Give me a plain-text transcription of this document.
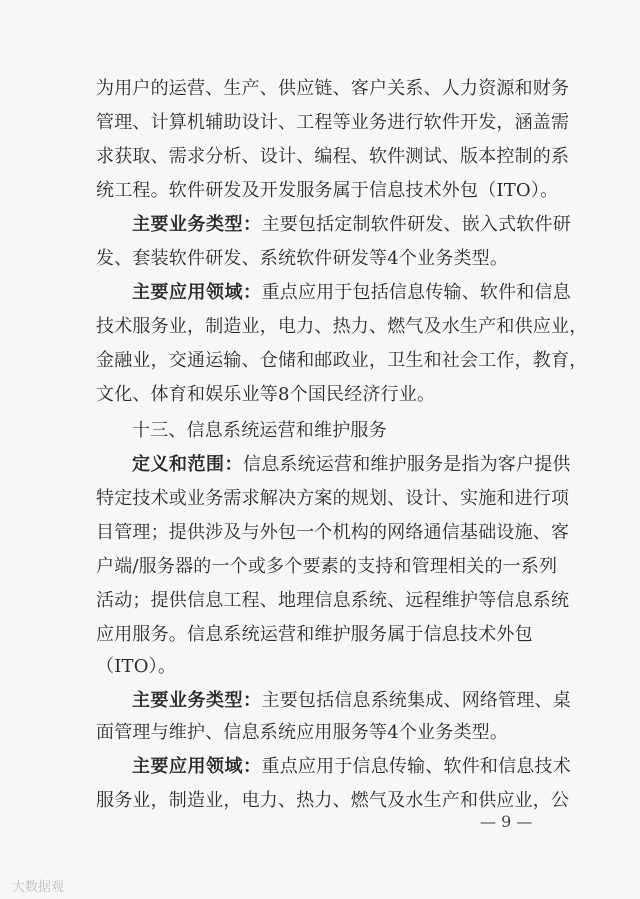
为用户的运营、生产、供应链、客户关系、人力资源和财务
管理、计算机辅助设计、工程等业务进行软件开发，涵盖需
求获取、需求分析、设计、编程、软件测试、版本控制的系
统工程。软件研发及开发服务属于信息技术外包（ITO）。
主要业务类型：主要包括定制软件研发、嵌入式软件研
发、套装软件研发、系统软件研发等4个业务类型。
主要应用领域：重点应用于包括信息传输、软件和信息
技术服务业，制造业，电力、热力、燃气及水生产和供应业，
金融业，交通运输、仓储和邮政业，卫生和社会工作，教育，
文化、体育和娱乐业等8个国民经济行业。
十三、信息系统运营和维护服务
定义和范围：信息系统运营和维护服务是指为客户提供
特定技术或业务需求解决方案的规划、设计、实施和进行项
目管理；提供涉及与外包一个机构的网络通信基础设施、客
户端/服务器的一个或多个要素的支持和管理相关的一系列
活动；提供信息工程、地理信息系统、远程维护等信息系统
应用服务。信息系统运营和维护服务属于信息技术外包
（ITO）。
主要业务类型：主要包括信息系统集成、网络管理、桌
面管理与维护、信息系统应用服务等4个业务类型。
主要应用领域：重点应用于信息传输、软件和信息技术
服务业，制造业，电力、热力、燃气及水生产和供应业，公
— 9 —
大数据观
